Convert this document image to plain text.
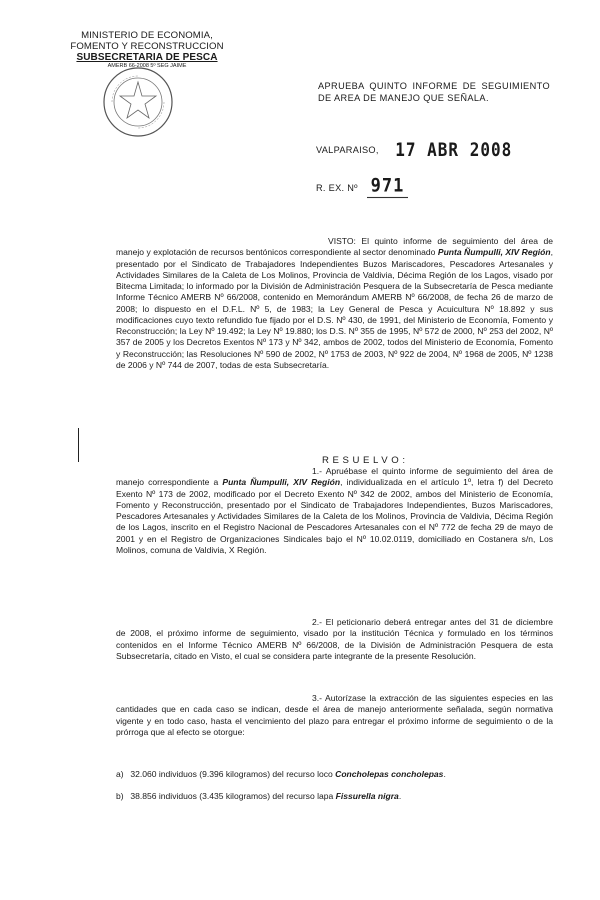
MINISTERIO DE ECONOMIA,
FOMENTO Y RECONSTRUCCION
SUBSECRETARIA DE PESCA
AMERB 66-2008 5º SEG JAIME
APRUEBA QUINTO INFORME DE SEGUIMIENTO DE AREA DE MANEJO QUE SEÑALA.
VALPARAISO, 17 ABR 2008
R. EX. Nº 971
VISTO: El quinto informe de seguimiento del área de manejo y explotación de recursos bentónicos correspondiente al sector denominado Punta Ñumpulli, XIV Región, presentado por el Sindicato de Trabajadores Independientes Buzos Mariscadores, Pescadores Artesanales y Actividades Similares de la Caleta de Los Molinos, Provincia de Valdivia, Décima Región de los Lagos, visado por Bitecma Limitada; lo informado por la División de Administración Pesquera de la Subsecretaría de Pesca mediante Informe Técnico AMERB Nº 66/2008, contenido en Memorándum AMERB Nº 66/2008, de fecha 26 de marzo de 2008; lo dispuesto en el D.F.L. Nº 5, de 1983; la Ley General de Pesca y Acuicultura Nº 18.892 y sus modificaciones cuyo texto refundido fue fijado por el D.S. Nº 430, de 1991, del Ministerio de Economía, Fomento y Reconstrucción; la Ley Nº 19.492; la Ley Nº 19.880; los D.S. Nº 355 de 1995, Nº 572 de 2000, Nº 253 del 2002, Nº 357 de 2005 y los Decretos Exentos Nº 173 y Nº 342, ambos de 2002, todos del Ministerio de Economía, Fomento y Reconstrucción; las Resoluciones Nº 590 de 2002, Nº 1753 de 2003, Nº 922 de 2004, Nº 1968 de 2005, Nº 1238 de 2006 y Nº 744 de 2007, todas de esta Subsecretaría.
RESUELVO:
1.- Apruébase el quinto informe de seguimiento del área de manejo correspondiente a Punta Ñumpulli, XIV Región, individualizada en el artículo 1º, letra f) del Decreto Exento Nº 173 de 2002, modificado por el Decreto Exento Nº 342 de 2002, ambos del Ministerio de Economía, Fomento y Reconstrucción, presentado por el Sindicato de Trabajadores Independientes, Buzos Mariscadores, Pescadores Artesanales y Actividades Similares de la Caleta de los Molinos, Provincia de Valdivia, Décima Región de los Lagos, inscrito en el Registro Nacional de Pescadores Artesanales con el Nº 772 de fecha 29 de mayo de 2001 y en el Registro de Organizaciones Sindicales bajo el Nº 10.02.0119, domiciliado en Costanera s/n, Los Molinos, comuna de Valdivia, X Región.
2.- El peticionario deberá entregar antes del 31 de diciembre de 2008, el próximo informe de seguimiento, visado por la institución Técnica y formulado en los términos contenidos en el Informe Técnico AMERB Nº 66/2008, de la División de Administración Pesquera de esta Subsecretaría, citado en Visto, el cual se considera parte integrante de la presente Resolución.
3.- Autorízase la extracción de las siguientes especies en las cantidades que en cada caso se indican, desde el área de manejo anteriormente señalada, según normativa vigente y en todo caso, hasta el vencimiento del plazo para entregar el próximo informe de seguimiento o de la prórroga que al efecto se otorgue:
a) 32.060 individuos (9.396 kilogramos) del recurso loco Concholepas concholepas.
b) 38.856 individuos (3.435 kilogramos) del recurso lapa Fissurella nigra.
